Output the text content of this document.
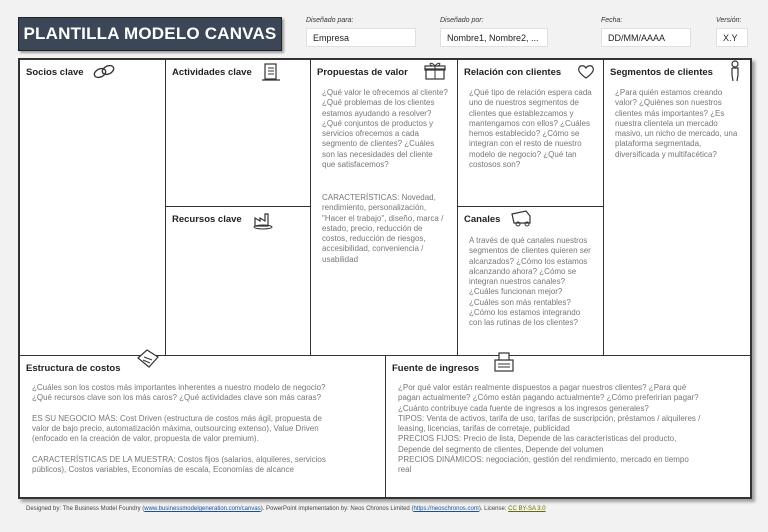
PLANTILLA MODELO CANVAS
Diseñado para:
Empresa
Diseñado por:
Nombre1, Nombre2, ...
Fecha:
DD/MM/AAAA
Versión:
X.Y
Socios clave	Actividades clave
Recursos clave
Propuestas de valor
¿Qué valor le ofrecemos al cliente? ¿Qué problemas de los clientes estamos ayudando a resolver? ¿Qué conjuntos de productos y servicios ofrecemos a cada segmento de clientes? ¿Cuáles son las necesidades del cliente que satisfacemos?
CARACTERÍSTICAS: Novedad, rendimiento, personalización, "Hacer el trabajo", diseño, marca / estado, precio, reducción de costos, reducción de riesgos, accesibilidad, conveniencia / usabilidad
Relación con clientes
¿Qué tipo de relación espera cada uno de nuestros segmentos de clientes que establezcamos y mantengamos con ellos? ¿Cuáles hemos establecido? ¿Cómo se integran con el resto de nuestro modelo de negocio? ¿Qué tan costosos son?
Canales
A través de qué canales nuestros segmentos de clientes quieren ser alcanzados? ¿Cómo los estamos alcanzando ahora? ¿Cómo se integran nuestros canales? ¿Cuáles funcionan mejor? ¿Cuáles son más rentables? ¿Cómo los estamos integrando con las rutinas de los clientes?
Segmentos de clientes
¿Para quién estamos creando valor? ¿Quiénes son nuestros clientes más importantes? ¿Es nuestra clientela un mercado masivo, un nicho de mercado, una plataforma segmentada, diversificada y multifacética?
Estructura de costos
¿Cuáles son los costos más importantes inherentes a nuestro modelo de negocio?
¿Qué recursos clave son los más caros? ¿Qué actividades clave son más caras?
ES SU NEGOCIO MÁS: Cost Driven (estructura de costos más ágil, propuesta de
valor de bajo precio, automatización máxima, outsourcing extenso), Value Driven
(enfocado en la creación de valor, propuesta de valor premium).
CARACTERÍSTICAS DE LA MUESTRA: Costos fijos (salarios, alquileres, servicios
públicos), Costos variables, Economías de escala, Economías de alcance
Fuente de ingresos
¿Por qué valor están realmente dispuestos a pagar nuestros clientes? ¿Para qué
pagan actualmente? ¿Cómo están pagando actualmente? ¿Cómo preferirían pagar?
¿Cuánto contribuye cada fuente de ingresos a los ingresos generales?
TIPOS: Venta de activos, tarifa de uso, tarifas de suscripción, préstamos / alquileres /
leasing, licencias, tarifas de corretaje, publicidad
PRECIOS FIJOS: Precio de lista, Depende de las características del producto,
Depende del segmento de clientes, Depende del volumen
PRECIOS DINÁMICOS: negociación, gestión del rendimiento, mercado en tiempo
real
Designed by: The Business Model Foundry (www.businessmodelgeneration.com/canvas). PowerPoint implementation by: Neos Chronos Limited (https://neoschronos.com). License: CC BY-SA 3.0
